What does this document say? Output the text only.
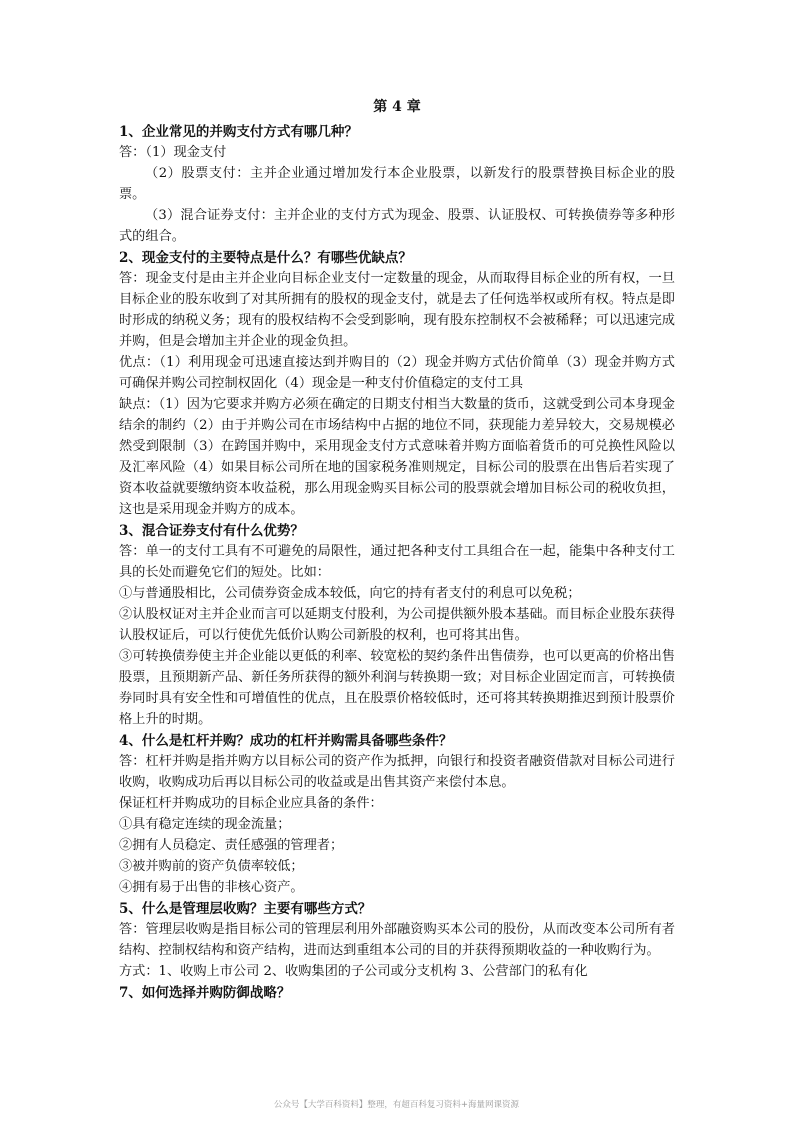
第 4 章
1、企业常见的并购支付方式有哪几种？

答：（1）现金支付

（2）股票支付：主并企业通过增加发行本企业股票，以新发行的股票替换目标企业的股票。

（3）混合证券支付：主并企业的支付方式为现金、股票、认证股权、可转换债券等多种形式的组合。

2、现金支付的主要特点是什么？有哪些优缺点？

答：现金支付是由主并企业向目标企业支付一定数量的现金，从而取得目标企业的所有权，一旦目标企业的股东收到了对其所拥有的股权的现金支付，就是去了任何选举权或所有权。特点是即时形成的纳税义务；现有的股权结构不会受到影响，现有股东控制权不会被稀释；可以迅速完成并购，但是会增加主并企业的现金负担。

优点：（1）利用现金可迅速直接达到并购目的（2）现金并购方式估价简单（3）现金并购方式可确保并购公司控制权固化（4）现金是一种支付价值稳定的支付工具

缺点：（1）因为它要求并购方必须在确定的日期支付相当大数量的货币，这就受到公司本身现金结余的制约（2）由于并购公司在市场结构中占据的地位不同，获现能力差异较大，交易规模必然受到限制（3）在跨国并购中，采用现金支付方式意味着并购方面临着货币的可兑换性风险以及汇率风险（4）如果目标公司所在地的国家税务准则规定，目标公司的股票在出售后若实现了资本收益就要缴纳资本收益税，那么用现金购买目标公司的股票就会增加目标公司的税收负担，这也是采用现金并购方的成本。

3、混合证券支付有什么优势？

答：单一的支付工具有不可避免的局限性，通过把各种支付工具组合在一起，能集中各种支付工具的长处而避免它们的短处。比如：

①与普通股相比，公司债券资金成本较低，向它的持有者支付的利息可以免税；

②认股权证对主并企业而言可以延期支付股利，为公司提供额外股本基础。而目标企业股东获得认股权证后，可以行使优先低价认购公司新股的权利，也可将其出售。

③可转换债券使主并企业能以更低的利率、较宽松的契约条件出售债券，也可以更高的价格出售股票，且预期新产品、新任务所获得的额外利润与转换期一致；对目标企业固定而言，可转换债券同时具有安全性和可增值性的优点，且在股票价格较低时，还可将其转换期推迟到预计股票价格上升的时期。

4、什么是杠杆并购？成功的杠杆并购需具备哪些条件？

答：杠杆并购是指并购方以目标公司的资产作为抵押，向银行和投资者融资借款对目标公司进行收购，收购成功后再以目标公司的收益或是出售其资产来偿付本息。

保证杠杆并购成功的目标企业应具备的条件：

①具有稳定连续的现金流量；

②拥有人员稳定、责任感强的管理者；

③被并购前的资产负债率较低；

④拥有易于出售的非核心资产。

5、什么是管理层收购？主要有哪些方式？

答：管理层收购是指目标公司的管理层利用外部融资购买本公司的股份，从而改变本公司所有者结构、控制权结构和资产结构，进而达到重组本公司的目的并获得预期收益的一种收购行为。

方式：1、收购上市公司 2、收购集团的子公司或分支机构 3、公营部门的私有化

7、如何选择并购防御战略？
公众号【大学百科资料】整理，有超百科复习资料+海量网课资源
